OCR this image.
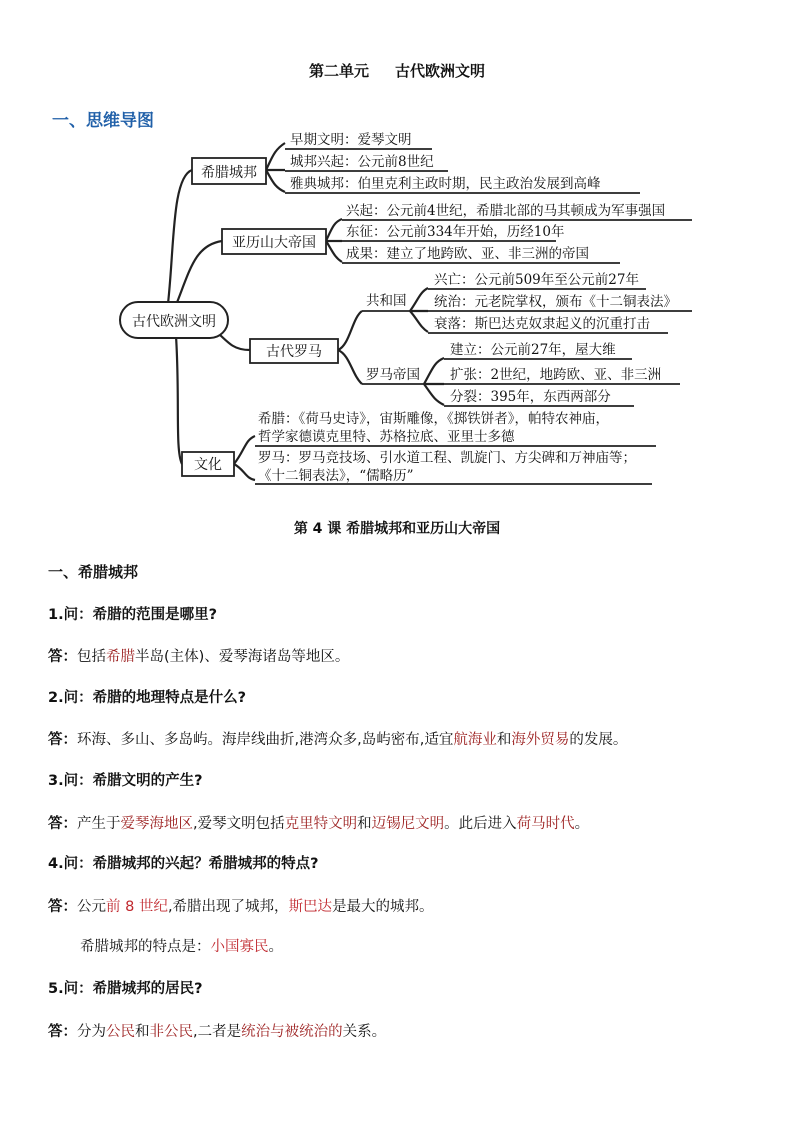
第二单元 古代欧洲文明
一、思维导图
古代欧洲文明
希腊城邦
早期文明：爱琴文明
城邦兴起：公元前8世纪
雅典城邦：伯里克利主政时期，民主政治发展到高峰
亚历山大帝国
兴起：公元前4世纪，希腊北部的马其顿成为军事强国
东征：公元前334年开始，历经10年
成果：建立了地跨欧、亚、非三洲的帝国
古代罗马
共和国
罗马帝国
兴亡：公元前509年至公元前27年
统治：元老院掌权，颁布《十二铜表法》
衰落：斯巴达克奴隶起义的沉重打击
建立：公元前27年，屋大维
扩张：2世纪，地跨欧、亚、非三洲
分裂：395年，东西两部分
文化
希腊：《荷马史诗》，宙斯雕像，《掷铁饼者》，帕特农神庙，
哲学家德谟克里特、苏格拉底、亚里士多德
罗马：罗马竞技场、引水道工程、凯旋门、方尖碑和万神庙等；
《十二铜表法》，“儒略历”
第 4 课 希腊城邦和亚历山大帝国
一、希腊城邦
1.问：希腊的范围是哪里?
答：包括希腊半岛(主体)、爱琴海诸岛等地区。
2.问：希腊的地理特点是什么?
答：环海、多山、多岛屿。海岸线曲折,港湾众多,岛屿密布,适宜航海业和海外贸易的发展。
3.问：希腊文明的产生?
答：产生于爱琴海地区,爱琴文明包括克里特文明和迈锡尼文明。此后进入荷马时代。
4.问：希腊城邦的兴起？希腊城邦的特点?
答：公元前 8 世纪,希腊出现了城邦，斯巴达是最大的城邦。
希腊城邦的特点是：小国寡民。
5.问：希腊城邦的居民?
答：分为公民和非公民,二者是统治与被统治的关系。
